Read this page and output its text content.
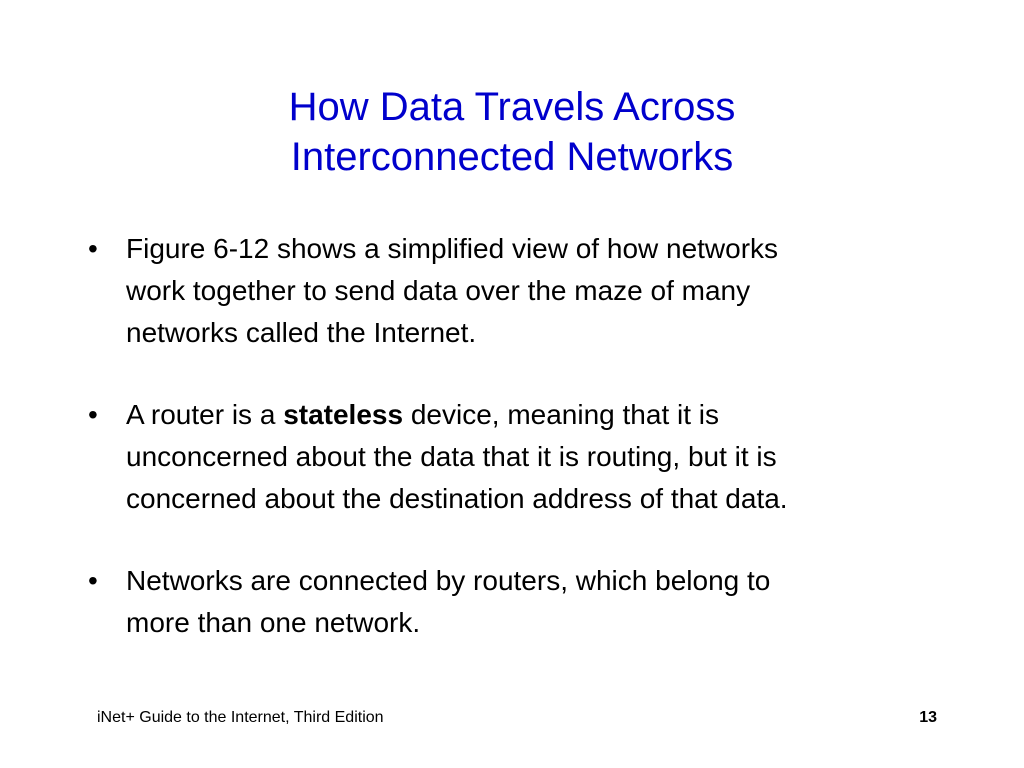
How Data Travels Across
Interconnected Networks
• Figure 6-12 shows a simplified view of how networks
work together to send data over the maze of many
networks called the Internet.
• A router is a stateless device, meaning that it is
unconcerned about the data that it is routing, but it is
concerned about the destination address of that data.
• Networks are connected by routers, which belong to
more than one network.
iNet+ Guide to the Internet, Third Edition	13
